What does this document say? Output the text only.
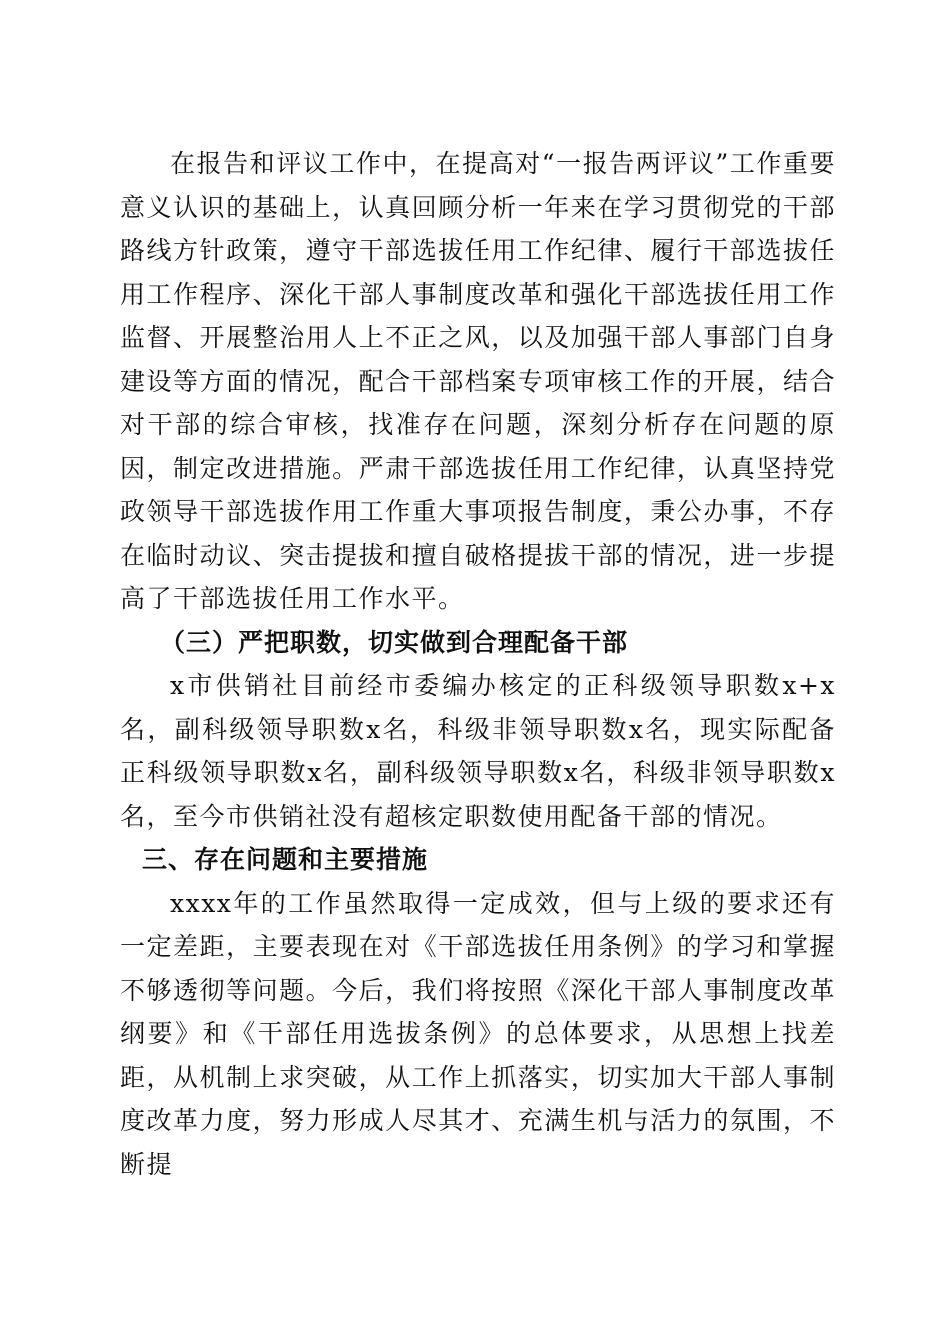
在报告和评议工作中，在提高对“一报告两评议”工作重要意义认识的基础上，认真回顾分析一年来在学习贯彻党的干部路线方针政策，遵守干部选拔任用工作纪律、履行干部选拔任用工作程序、深化干部人事制度改革和强化干部选拔任用工作监督、开展整治用人上不正之风，以及加强干部人事部门自身建设等方面的情况，配合干部档案专项审核工作的开展，结合对干部的综合审核，找准存在问题，深刻分析存在问题的原因，制定改进措施。严肃干部选拔任用工作纪律，认真坚持党政领导干部选拔作用工作重大事项报告制度，秉公办事，不存在临时动议、突击提拔和擅自破格提拔干部的情况，进一步提高了干部选拔任用工作水平。

（三）严把职数，切实做到合理配备干部

x市供销社目前经市委编办核定的正科级领导职数x+x名，副科级领导职数x名，科级非领导职数x名，现实际配备正科级领导职数x名，副科级领导职数x名，科级非领导职数x名，至今市供销社没有超核定职数使用配备干部的情况。

三、存在问题和主要措施

xxxx年的工作虽然取得一定成效，但与上级的要求还有一定差距，主要表现在对《干部选拔任用条例》的学习和掌握不够透彻等问题。今后，我们将按照《深化干部人事制度改革纲要》和《干部任用选拔条例》的总体要求，从思想上找差距，从机制上求突破，从工作上抓落实，切实加大干部人事制度改革力度，努力形成人尽其才、充满生机与活力的氛围，不断提
